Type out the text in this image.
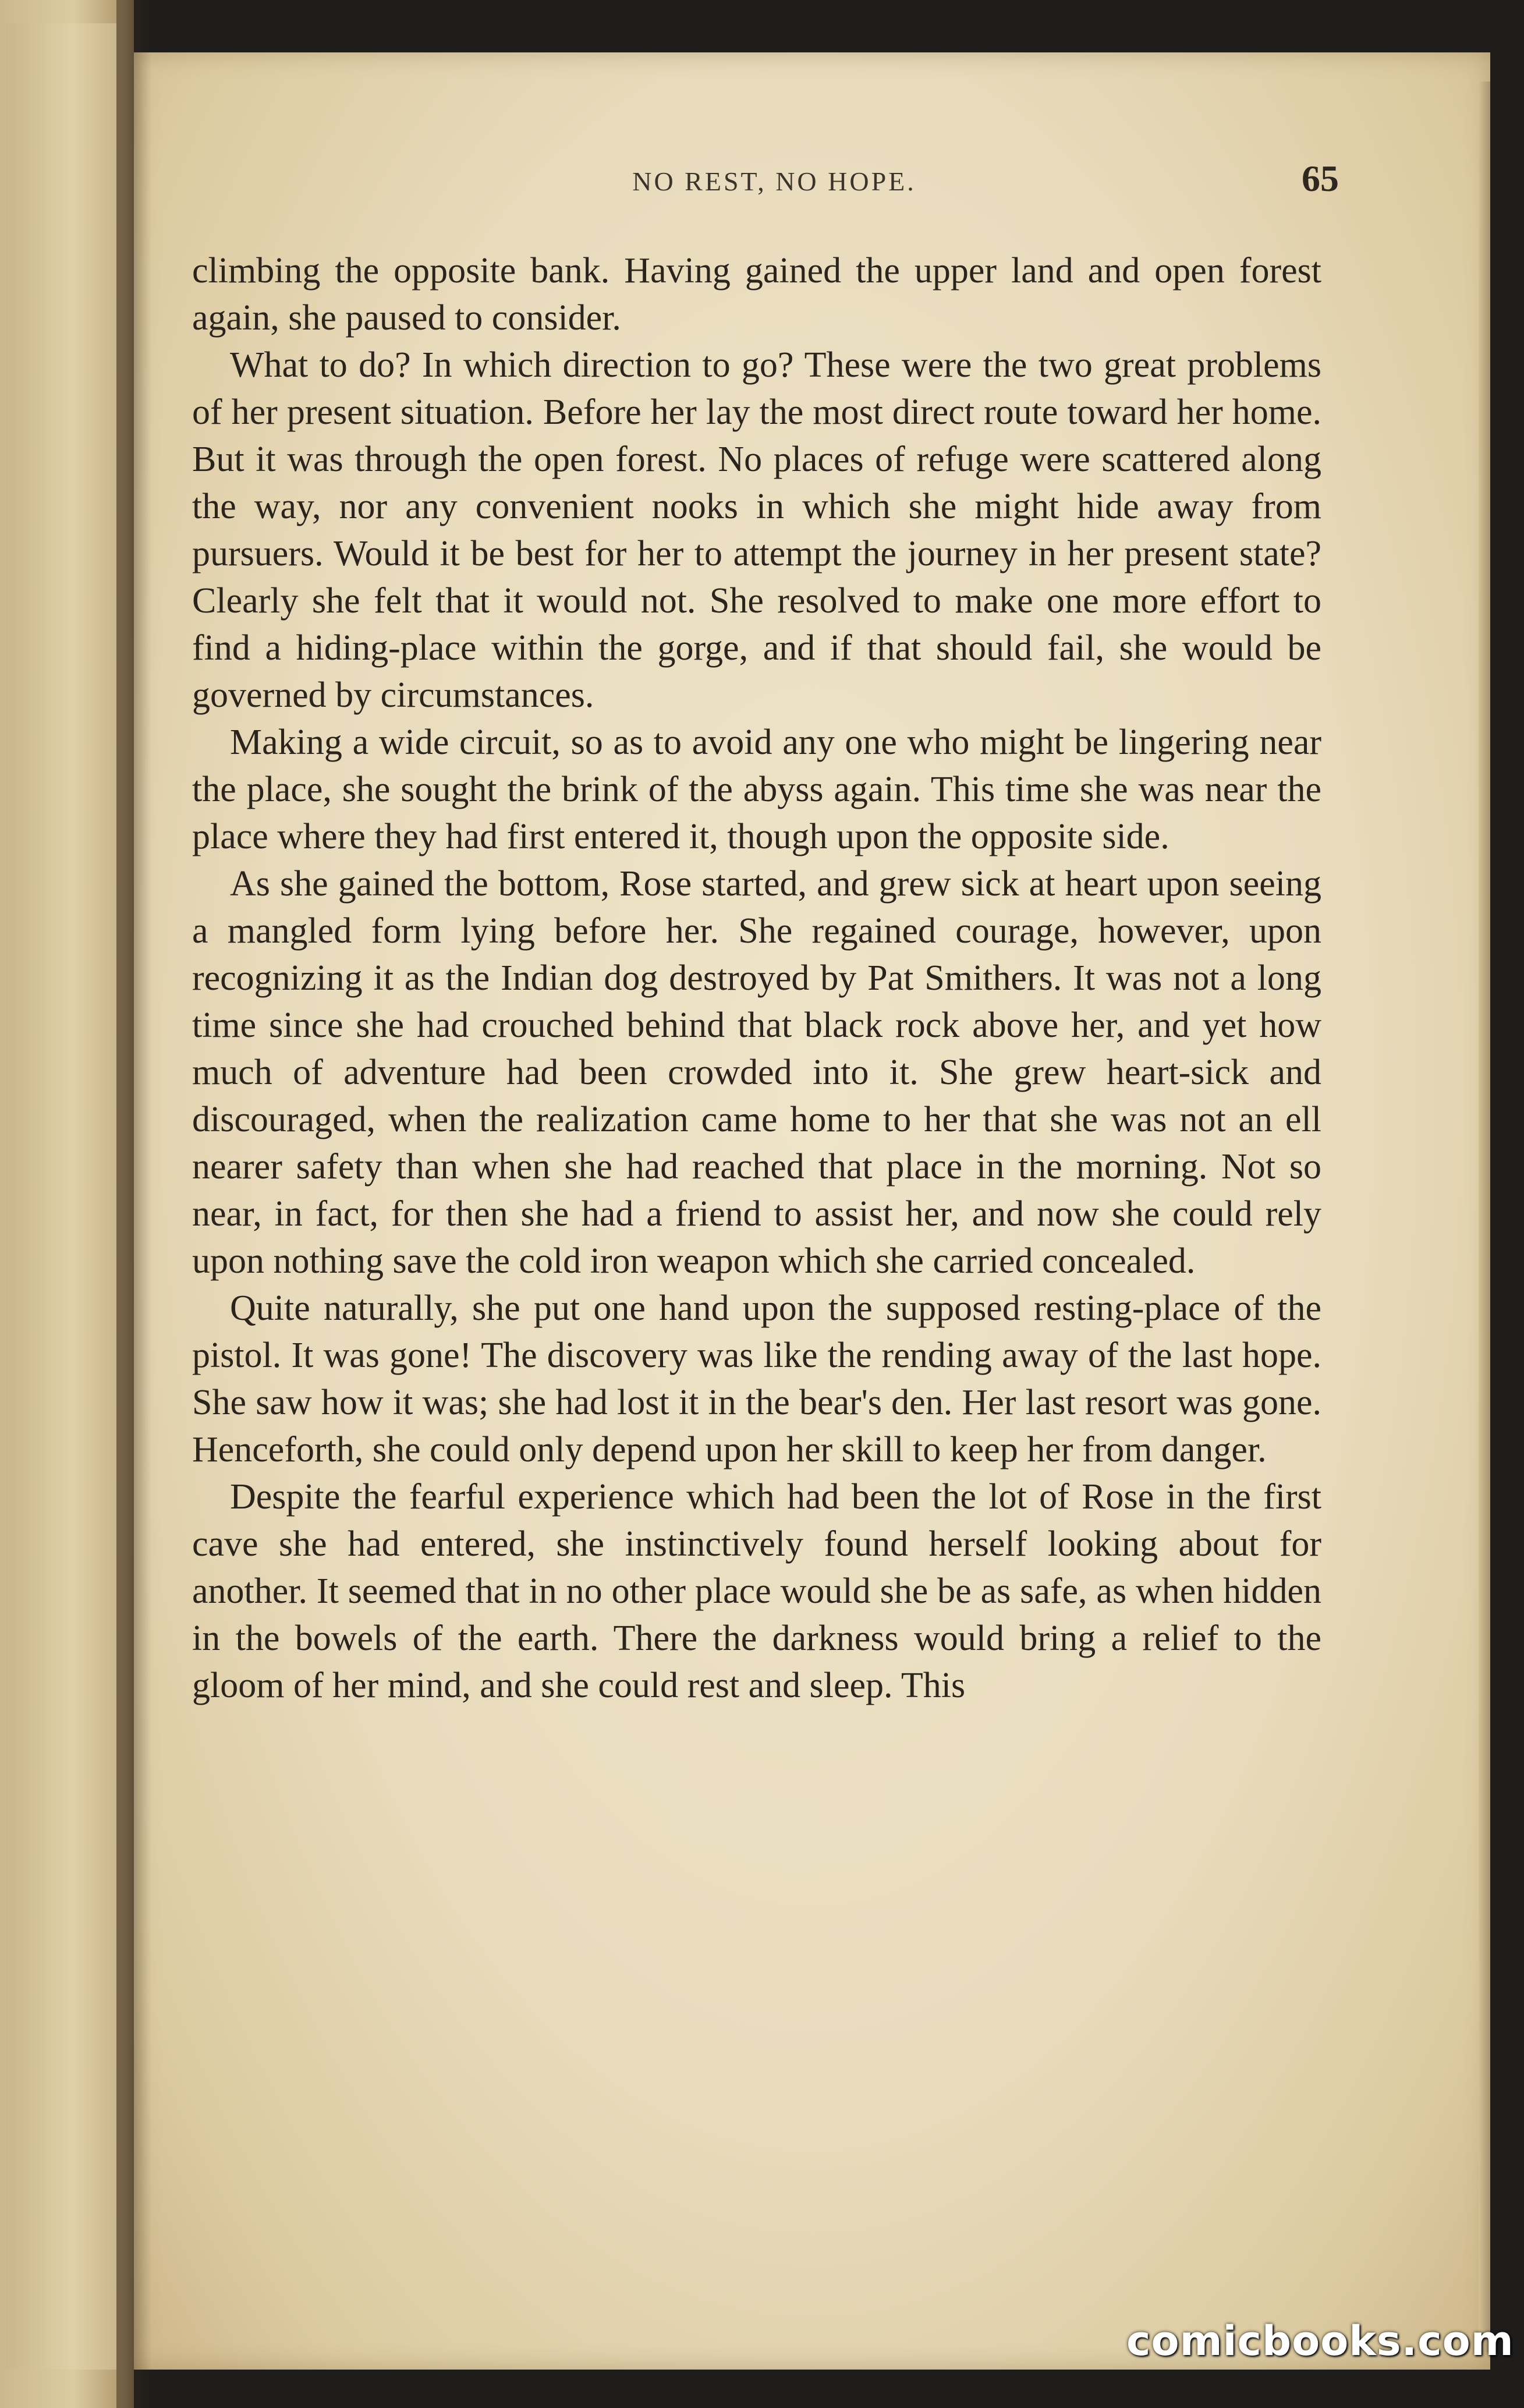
NO REST, NO HOPE.	65

climbing the opposite bank. Having gained the upper land and open forest again, she paused to consider.

What to do? In which direction to go? These were the two great problems of her present situation. Before her lay the most direct route toward her home. But it was through the open forest. No places of refuge were scattered along the way, nor any convenient nooks in which she might hide away from pursuers. Would it be best for her to attempt the journey in her present state? Clearly she felt that it would not. She resolved to make one more effort to find a hiding-place within the gorge, and if that should fail, she would be governed by circumstances.

Making a wide circuit, so as to avoid any one who might be lingering near the place, she sought the brink of the abyss again. This time she was near the place where they had first entered it, though upon the opposite side.

As she gained the bottom, Rose started, and grew sick at heart upon seeing a mangled form lying before her. She regained courage, however, upon recognizing it as the Indian dog destroyed by Pat Smithers. It was not a long time since she had crouched behind that black rock above her, and yet how much of adventure had been crowded into it. She grew heart-sick and discouraged, when the realization came home to her that she was not an ell nearer safety than when she had reached that place in the morning. Not so near, in fact, for then she had a friend to assist her, and now she could rely upon nothing save the cold iron weapon which she carried concealed.

Quite naturally, she put one hand upon the supposed resting-place of the pistol. It was gone! The discovery was like the rending away of the last hope. She saw how it was; she had lost it in the bear's den. Her last resort was gone. Henceforth, she could only depend upon her skill to keep her from danger.

Despite the fearful experience which had been the lot of Rose in the first cave she had entered, she instinctively found herself looking about for another. It seemed that in no other place would she be as safe, as when hidden in the bowels of the earth. There the darkness would bring a relief to the gloom of her mind, and she could rest and sleep. This

comicbooks.com
